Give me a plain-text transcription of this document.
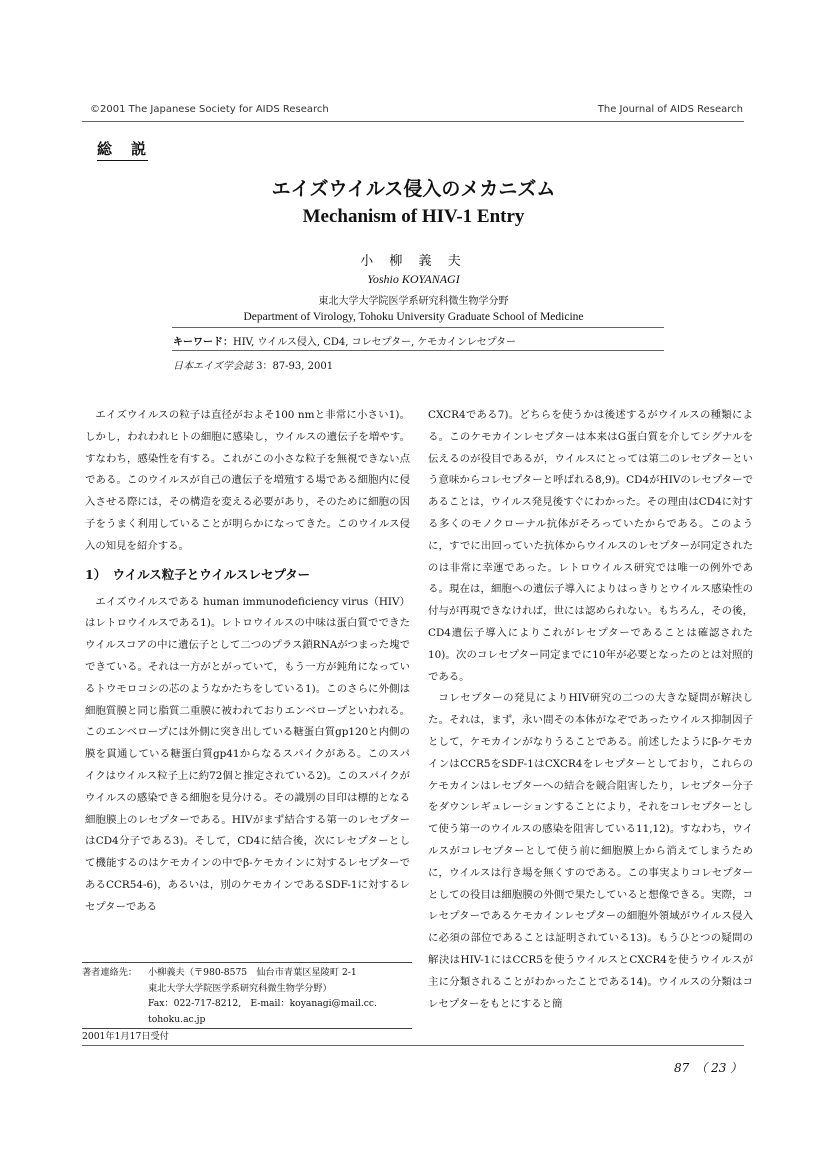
©2001 The Japanese Society for AIDS Research	The Journal of AIDS Research
総　説
エイズウイルス侵入のメカニズム
Mechanism of HIV-1 Entry
小 柳 義 夫
Yoshio KOYANAGI
東北大学大学院医学系研究科微生物学分野
Department of Virology, Tohoku University Graduate School of Medicine
キーワード：HIV, ウイルス侵入, CD4, コレセプター, ケモカインレセプター
日本エイズ学会誌 3：87-93, 2001

エイズウイルスの粒子は直径がおよそ100 nmと非常に小さい1)。しかし，われわれヒトの細胞に感染し，ウイルスの遺伝子を増やす。すなわち，感染性を有する。これがこの小さな粒子を無視できない点である。このウイルスが自己の遺伝子を増殖する場である細胞内に侵入させる際には，その構造を変える必要があり，そのために細胞の因子をうまく利用していることが明らかになってきた。このウイルス侵入の知見を紹介する。

1）　ウイルス粒子とウイルスレセプター

エイズウイルスである human immunodeficiency virus（HIV）はレトロウイルスである1)。レトロウイルスの中味は蛋白質でできたウイルスコアの中に遺伝子として二つのプラス鎖RNAがつまった塊でできている。それは一方がとがっていて，もう一方が鈍角になっているトウモロコシの芯のようなかたちをしている1)。このさらに外側は細胞質膜と同じ脂質二重膜に被われておりエンベロープといわれる。このエンベロープには外側に突き出している糖蛋白質gp120と内側の膜を貫通している糖蛋白質gp41からなるスパイクがある。このスパイクはウイルス粒子上に約72個と推定されている2)。このスパイクがウイルスの感染できる細胞を見分ける。その識別の目印は標的となる細胞膜上のレセプターである。HIVがまず結合する第一のレセプターはCD4分子である3)。そして，CD4に結合後，次にレセプターとして機能するのはケモカインの中でβ-ケモカインに対するレセプターであるCCR54-6)，あるいは，別のケモカインであるSDF-1に対するレセプターである

CXCR4である7)。どちらを使うかは後述するがウイルスの種類による。このケモカインレセプターは本来はG蛋白質を介してシグナルを伝えるのが役目であるが，ウイルスにとっては第二のレセプターという意味からコレセプターと呼ばれる8,9)。CD4がHIVのレセプターであることは，ウイルス発見後すぐにわかった。その理由はCD4に対する多くのモノクローナル抗体がそろっていたからである。このように，すでに出回っていた抗体からウイルスのレセプターが同定されたのは非常に幸運であった。レトロウイルス研究では唯一の例外である。現在は，細胞への遺伝子導入によりはっきりとウイルス感染性の付与が再現できなければ，世には認められない。もちろん，その後，CD4遺伝子導入によりこれがレセプターであることは確認された10)。次のコレセプター同定までに10年が必要となったのとは対照的である。

コレセプターの発見によりHIV研究の二つの大きな疑問が解決した。それは，まず，永い間その本体がなぞであったウイルス抑制因子として，ケモカインがなりうることである。前述したようにβ-ケモカインはCCR5をSDF-1はCXCR4をレセプターとしており，これらのケモカインはレセプターへの結合を競合阻害したり，レセプター分子をダウンレギュレーションすることにより，それをコレセプターとして使う第一のウイルスの感染を阻害している11,12)。すなわち，ウイルスがコレセプターとして使う前に細胞膜上から消えてしまうために，ウイルスは行き場を無くすのである。この事実よりコレセプターとしての役目は細胞膜の外側で果たしていると想像できる。実際，コレセプターであるケモカインレセプターの細胞外領域がウイルス侵入に必須の部位であることは証明されている13)。もうひとつの疑問の解決はHIV-1にはCCR5を使うウイルスとCXCR4を使うウイルスが主に分類されることがわかったことである14)。ウイルスの分類はコレセプターをもとにすると簡

著者連絡先： 小柳義夫（〒980-8575　仙台市青葉区星陵町 2-1
東北大学大学院医学系研究科微生物学分野）
Fax：022-717-8212,　E-mail：koyanagi@mail.cc.
tohoku.ac.jp
2001年1月17日受付
87　（ 23 ）
